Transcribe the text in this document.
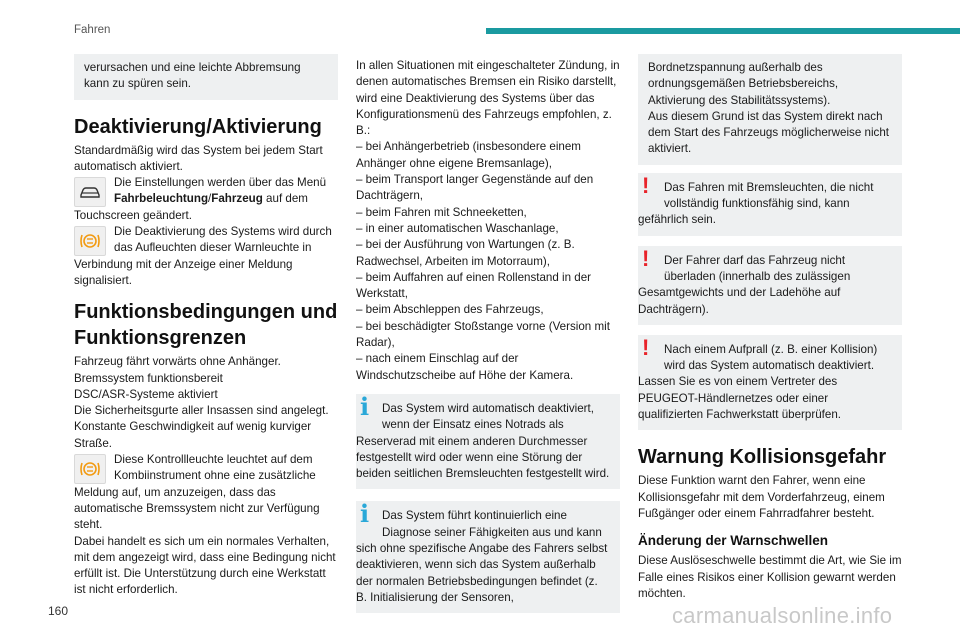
Fahren

verursachen und eine leichte Abbremsung kann zu spüren sein.

Deaktivierung/Aktivierung

Standardmäßig wird das System bei jedem Start automatisch aktiviert.

Die Einstellungen werden über das Menü
Fahrbeleuchtung/Fahrzeug auf dem

Touchscreen geändert.

Die Deaktivierung des Systems wird durch das Aufleuchten dieser Warnleuchte in

Verbindung mit der Anzeige einer Meldung signalisiert.

Funktionsbedingungen und Funktionsgrenzen

Fahrzeug fährt vorwärts ohne Anhänger.

Bremssystem funktionsbereit

DSC/ASR-Systeme aktiviert

Die Sicherheitsgurte aller Insassen sind angelegt.

Konstante Geschwindigkeit auf wenig kurviger Straße.

Diese Kontrollleuchte leuchtet auf dem Kombiinstrument ohne eine zusätzliche

Meldung auf, um anzuzeigen, dass das automatische Bremssystem nicht zur Verfügung steht.

Dabei handelt es sich um ein normales Verhalten, mit dem angezeigt wird, dass eine Bedingung nicht erfüllt ist. Die Unterstützung durch eine Werkstatt ist nicht erforderlich.

In allen Situationen mit eingeschalteter Zündung, in denen automatisches Bremsen ein Risiko darstellt, wird eine Deaktivierung des Systems über das Konfigurationsmenü des Fahrzeugs empfohlen, z. B.:

– bei Anhängerbetrieb (insbesondere einem Anhänger ohne eigene Bremsanlage),

– beim Transport langer Gegenstände auf den Dachträgern,

– beim Fahren mit Schneeketten,

– in einer automatischen Waschanlage,

– bei der Ausführung von Wartungen (z. B. Radwechsel, Arbeiten im Motorraum),

– beim Auffahren auf einen Rollenstand in der Werkstatt,

– beim Abschleppen des Fahrzeugs,

– bei beschädigter Stoßstange vorne (Version mit Radar),

– nach einem Einschlag auf der Windschutzscheibe auf Höhe der Kamera.

i	Das System wird automatisch deaktiviert, wenn der Einsatz eines Notrads als

Reserverad mit einem anderen Durchmesser festgestellt wird oder wenn eine Störung der beiden seitlichen Bremsleuchten festgestellt wird.

i	Das System führt kontinuierlich eine Diagnose seiner Fähigkeiten aus und kann

sich ohne spezifische Angabe des Fahrers selbst deaktivieren, wenn sich das System außerhalb der normalen Betriebsbedingungen befindet (z. B. Initialisierung der Sensoren,

Bordnetzspannung außerhalb des ordnungsgemäßen Betriebsbereichs, Aktivierung des Stabilitätssystems).

Aus diesem Grund ist das System direkt nach dem Start des Fahrzeugs möglicherweise nicht aktiviert.

!	Das Fahren mit Bremsleuchten, die nicht vollständig funktionsfähig sind, kann

gefährlich sein.

!	Der Fahrer darf das Fahrzeug nicht überladen (innerhalb des zulässigen

Gesamtgewichts und der Ladehöhe auf Dachträgern).

!	Nach einem Aufprall (z. B. einer Kollision) wird das System automatisch deaktiviert.

Lassen Sie es von einem Vertreter des PEUGEOT-Händlernetzes oder einer qualifizierten Fachwerkstatt überprüfen.

Warnung Kollisionsgefahr

Diese Funktion warnt den Fahrer, wenn eine Kollisionsgefahr mit dem Vorderfahrzeug, einem Fußgänger oder einem Fahrradfahrer besteht.

Änderung der Warnschwellen

Diese Auslöseschwelle bestimmt die Art, wie Sie im Falle eines Risikos einer Kollision gewarnt werden möchten.

160	carmanualsonline.info
